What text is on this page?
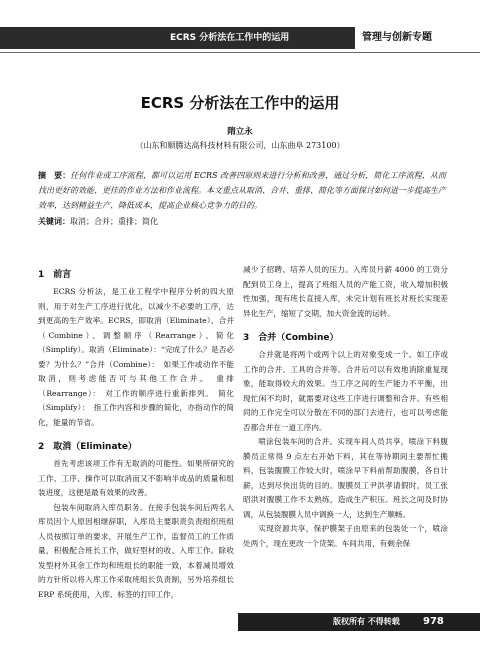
ECRS 分析法在工作中的运用	管理与创新专题
ECRS 分析法在工作中的运用
隋立永
（山东和顺腾达高科技材料有限公司，山东曲阜 273100）
摘　要：任何作业或工序流程，都可以运用 ECRS 改善四原则来进行分析和改善，通过分析，简化工序流程，从而找出更好的效能、更佳的作业方法和作业流程。本文重点从取消、合并、重排、简化等方面探讨如何进一步提高生产效率，达到精益生产、降低成本，提高企业核心竞争力的目的。
关键词：取消；合并；重排；简化
1　前言

ECRS 分析法，是工业工程学中程序分析的四大原则，用于对生产工序进行优化，以减少不必要的工序，达到更高的生产效率。ECRS，即取消（Eliminate）、合并（Combine）、调整顺序（Rearrange）、简化（Simplify）。取消（Eliminate）：“完成了什么？是否必要？为什么？”合并（Combine）：　如果工作或动作不能取消，则考虑能否可与其他工作合并。　重排（Rearrange）：　对工作的顺序进行重新排列。　简化（Simplify）：　指工作内容和步骤的简化，亦指动作的简化，能量的节省。

2　取消（Eliminate）

首先考虑该项工作有无取消的可能性。如果所研究的工作、工序、操作可以取消而又不影响半成品的质量和组装进度，这便是最有效果的改善。

包装车间取消入库员职务。在接手包装车间后两名入库员因个人原因相继辞职，入库员主要职责负责组织班组人员按照订单的要求，开展生产工作，监督员工的工作质量，积极配合班长工作，做好型材的收、入库工作。除收发型材外其余工作均和班组长的职能一致，本着减员增效的方针所以将入库工作采取班组长负责制，另外培养组长 ERP 系统使用，入库、标签的打印工作，

减少了招聘、培养人员的压力。入库员月薪 4000 的工资分配到员工身上，提高了班组人员的产能工资，收入增加积极性加强，现有班长直接入库，未完计划有班长对班长实现差异化生产，缩短了交期，加大资金流的运转。

3　合并（Combine）

合并就是将两个或两个以上的对象变成一个。如工序或工作的合并、工具的合并等。合并后可以有效地消除重复现象，能取得较大的效果。当工序之间的生产能力不平衡，出现忙闲不均时，就需要对这些工序进行调整和合并。有些相同的工作完全可以分散在不同的部门去进行，也可以考虑能否都合并在一道工序内。

喷涂包装车间的合并。实现车间人员共享，喷涂下料腹膜员正常得 9 点左右开始下料，其在等待期间主要帮忙搬料，包装腹膜工作较大时，喷涂早下料前帮助腹膜，各自计薪，达到尽快出货的目的。腹膜员工尹洪孝请假时，员工张昭洪对腹膜工作不太熟练，造成生产积压。班长之间及时协调，从包装腹膜人员中调换一人，达到生产顺畅。

实现资源共享，保护膜架子由原来的包装处一个，喷涂处两个，现在更改一个货架。车间共用，有剩余保

版权所有 不得转载 978
